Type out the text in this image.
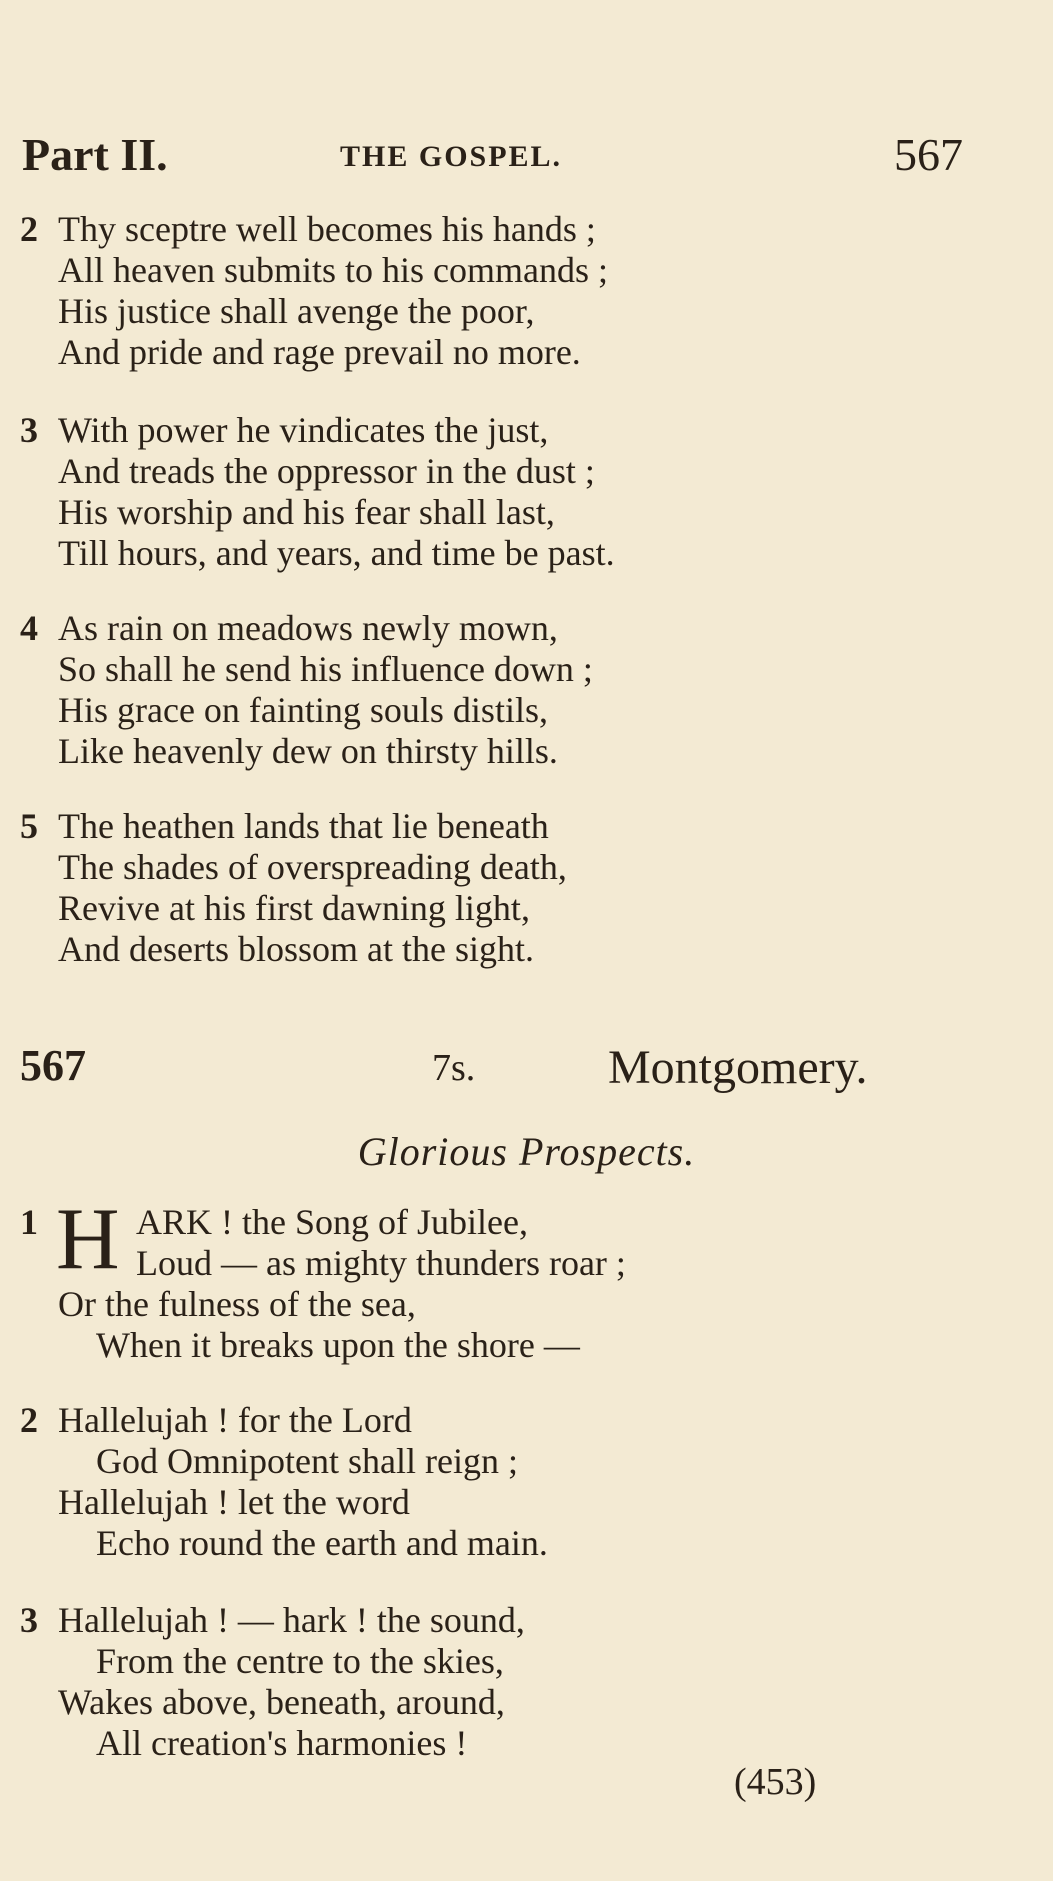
Part II.	THE GOSPEL.	567
2 Thy sceptre well becomes his hands ;
All heaven submits to his commands ;
His justice shall avenge the poor,
And pride and rage prevail no more.
3 With power he vindicates the just,
And treads the oppressor in the dust ;
His worship and his fear shall last,
Till hours, and years, and time be past.
4 As rain on meadows newly mown,
So shall he send his influence down ;
His grace on fainting souls distils,
Like heavenly dew on thirsty hills.
5 The heathen lands that lie beneath
The shades of overspreading death,
Revive at his first dawning light,
And deserts blossom at the sight.
567	7s.	Montgomery.
Glorious Prospects.
1 H ARK ! the Song of Jubilee,
Loud — as mighty thunders roar ;
Or the fulness of the sea,
When it breaks upon the shore —
2 Hallelujah ! for the Lord
God Omnipotent shall reign ;
Hallelujah ! let the word
Echo round the earth and main.
3 Hallelujah ! — hark ! the sound,
From the centre to the skies,
Wakes above, beneath, around,
All creation's harmonies !
(453)
